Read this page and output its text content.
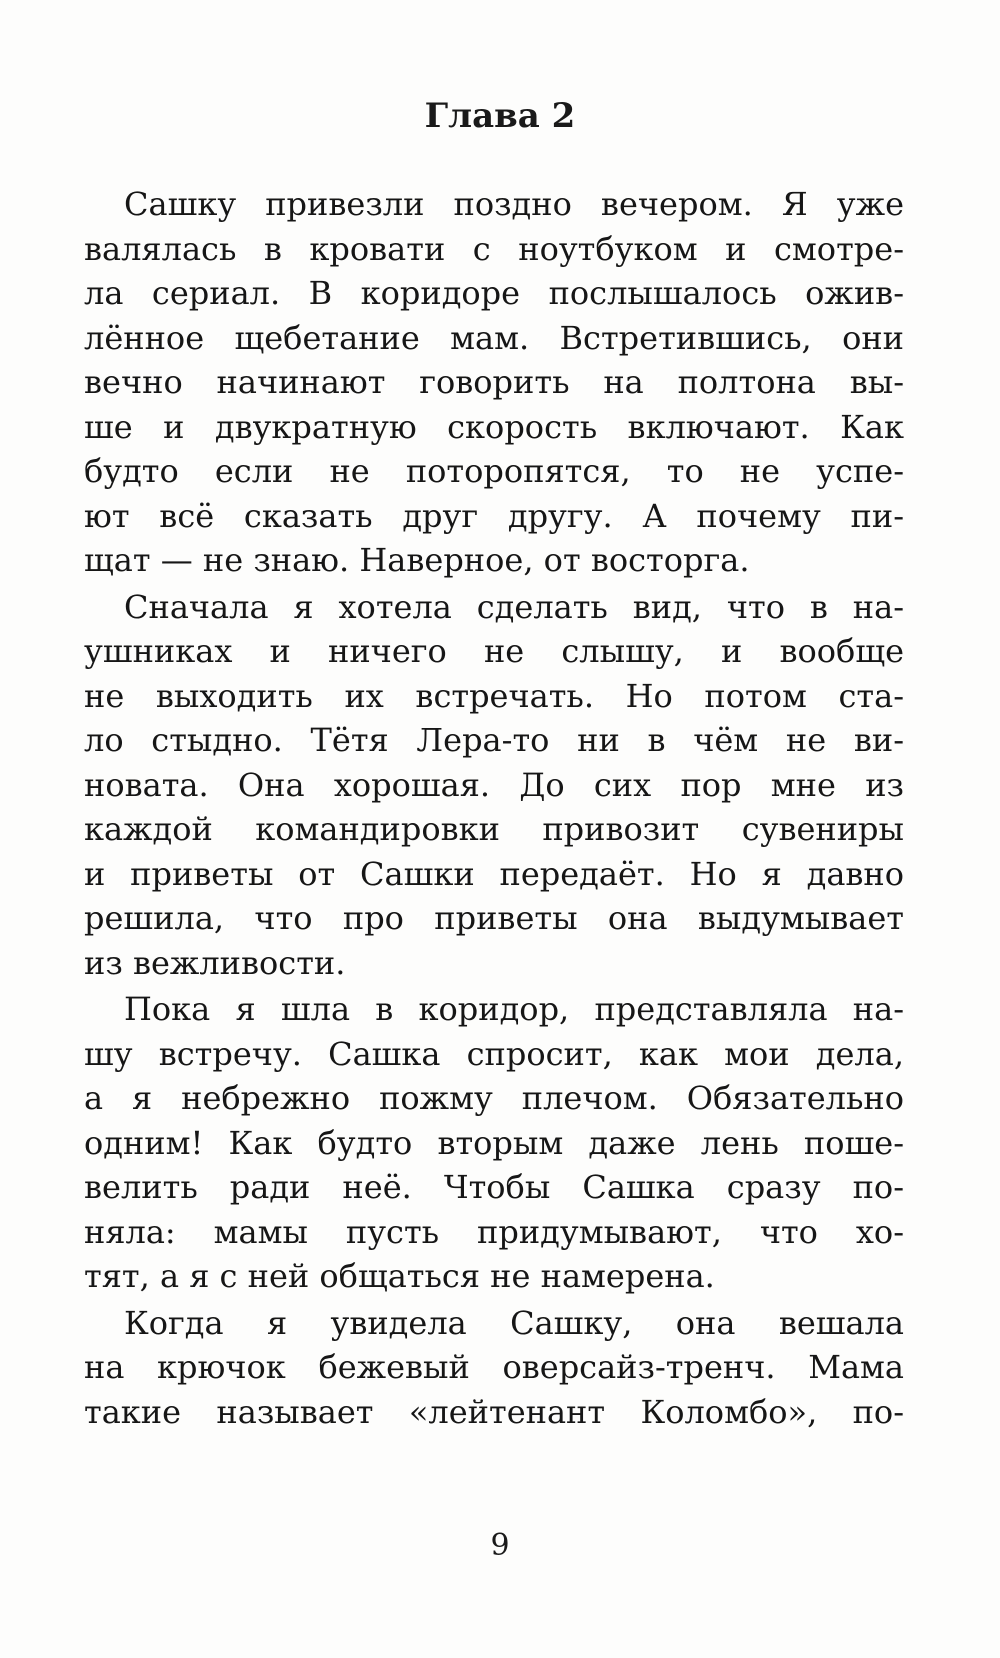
Глава 2
Сашку привезли поздно вечером. Я уже
валялась в кровати с ноутбуком и смотре-
ла сериал. В коридоре послышалось ожив-
лённое щебетание мам. Встретившись, они
вечно начинают говорить на полтона вы-
ше и двукратную скорость включают. Как
будто если не поторопятся, то не успе-
ют всё сказать друг другу. А почему пи-
щат — не знаю. Наверное, от восторга.
Сначала я хотела сделать вид, что в на-
ушниках и ничего не слышу, и вообще
не выходить их встречать. Но потом ста-
ло стыдно. Тётя Лера-то ни в чём не ви-
новата. Она хорошая. До сих пор мне из
каждой командировки привозит сувениры
и приветы от Сашки передаёт. Но я давно
решила, что про приветы она выдумывает
из вежливости.
Пока я шла в коридор, представляла на-
шу встречу. Сашка спросит, как мои дела,
а я небрежно пожму плечом. Обязательно
одним! Как будто вторым даже лень поше-
велить ради неё. Чтобы Сашка сразу по-
няла: мамы пусть придумывают, что хо-
тят, а я с ней общаться не намерена.
Когда я увидела Сашку, она вешала
на крючок бежевый оверсайз-тренч. Мама
такие называет «лейтенант Коломбо», по-
9
